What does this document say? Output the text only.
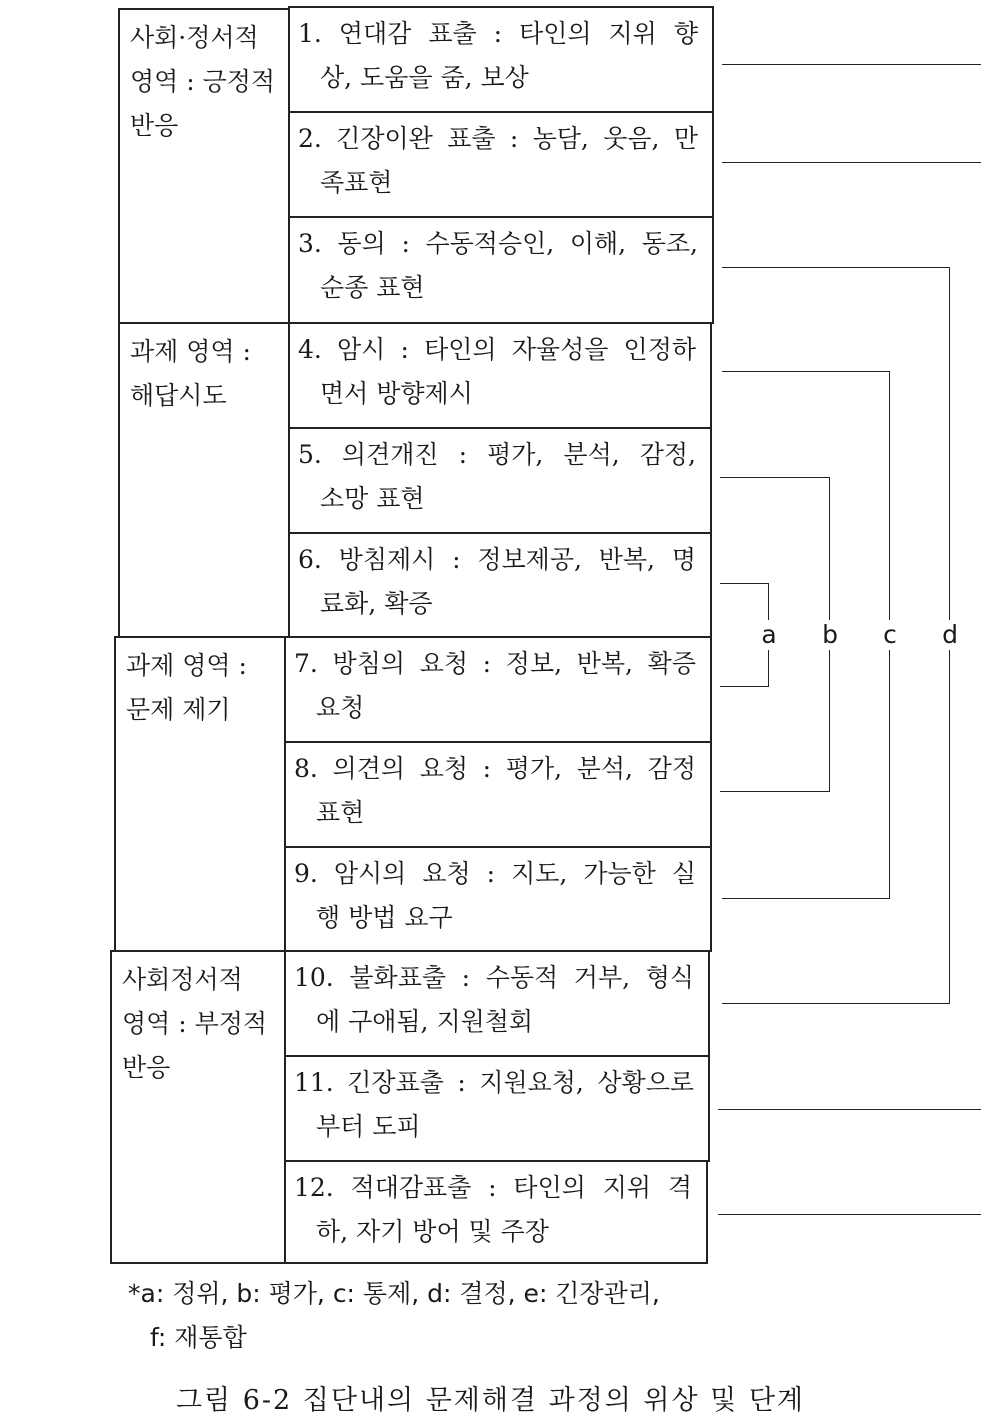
사회·정서적
영역 : 긍정적
반응
과제 영역 :
해답시도
과제 영역 :
문제 제기
사회정서적
영역 : 부정적
반응
1. 연대감 표출 : 타인의 지위 향
상, 도움을 줌, 보상
2. 긴장이완 표출 : 농담, 웃음, 만
족표현
3. 동의 : 수동적승인, 이해, 동조,
순종 표현
4. 암시 : 타인의 자율성을 인정하
면서 방향제시
5. 의견개진 : 평가, 분석, 감정,
소망 표현
6. 방침제시 : 정보제공, 반복, 명
료화, 확증
7. 방침의 요청 : 정보, 반복, 확증
요청
8. 의견의 요청 : 평가, 분석, 감정
표현
9. 암시의 요청 : 지도, 가능한 실
행 방법 요구
10. 불화표출 : 수동적 거부, 형식
에 구애됨, 지원철회
11. 긴장표출 : 지원요청, 상황으로
부터 도피
12. 적대감표출 : 타인의 지위 격
하, 자기 방어 및 주장
a b	c	d
*a: 정위, b: 평가, c: 통제, d: 결정, e: 긴장관리,
f: 재통합
그림 6-2 집단내의 문제해결 과정의 위상 및 단계
